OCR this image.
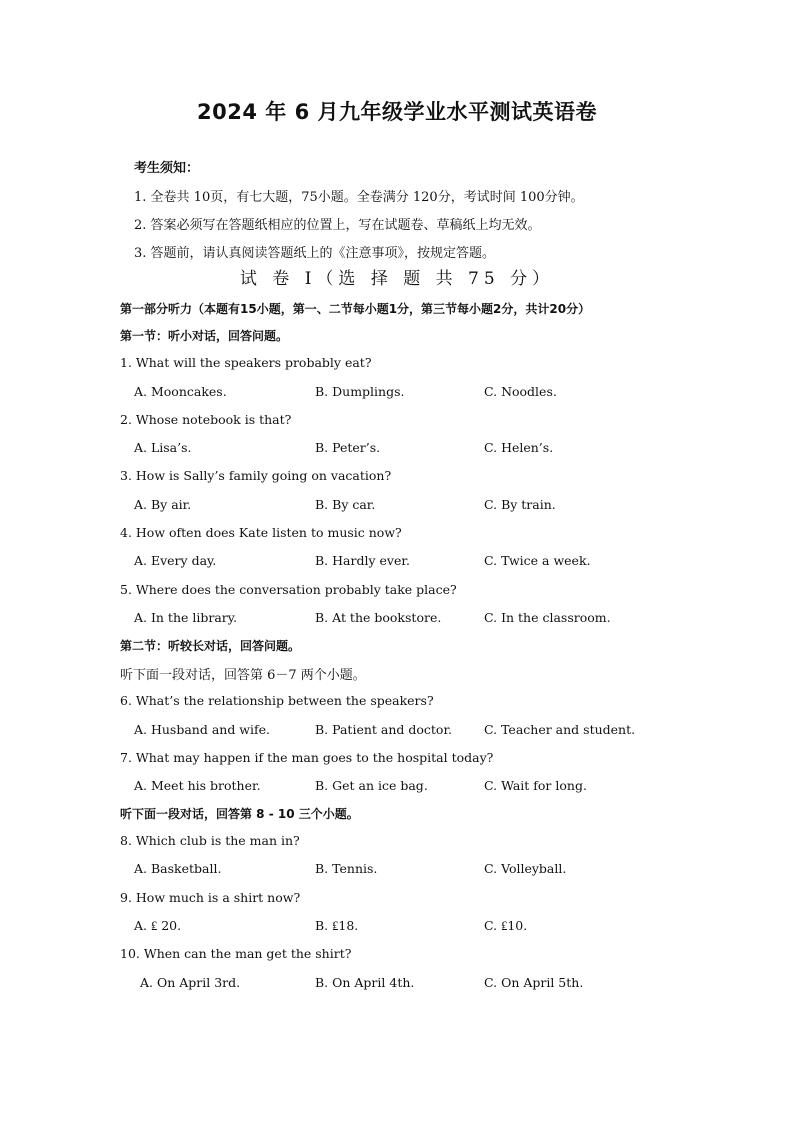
2024 年 6 月九年级学业水平测试英语卷
考生须知：
1. 全卷共 10页，有七大题，75小题。全卷满分 120分，考试时间 100分钟。
2. 答案必须写在答题纸相应的位置上，写在试题卷、草稿纸上均无效。
3. 答题前，请认真阅读答题纸上的《注意事项》，按规定答题。
试 卷 I（选 择 题 共 75 分）
第一部分听力（本题有15小题，第一、二节每小题1分，第三节每小题2分，共计20分）
第一节：听小对话，回答问题。
1. What will the speakers probably eat?
A. Mooncakes.	B. Dumplings.	C. Noodles.
2. Whose notebook is that?
A. Lisa’s.	B. Peter’s.	C. Helen’s.
3. How is Sally’s family going on vacation?
A. By air.	B. By car.	C. By train.
4. How often does Kate listen to music now?
A. Every day.	B. Hardly ever.	C. Twice a week.
5. Where does the conversation probably take place?
A. In the library.	B. At the bookstore.	C. In the classroom.
第二节：听较长对话，回答问题。
听下面一段对话，回答第 6－7 两个小题。
6. What’s the relationship between the speakers?
A. Husband and wife.	B. Patient and doctor.	C. Teacher and student.
7. What may happen if the man goes to the hospital today?
A. Meet his brother.	B. Get an ice bag.	C. Wait for long.
听下面一段对话，回答第 8 - 10 三个小题。
8. Which club is the man in?
A. Basketball.	B. Tennis.	C. Volleyball.
9. How much is a shirt now?
A. ₤ 20.	B. ₤18.	C. ₤10.
10. When can the man get the shirt?
A. On April 3rd.	B. On April 4th.	C. On April 5th.
